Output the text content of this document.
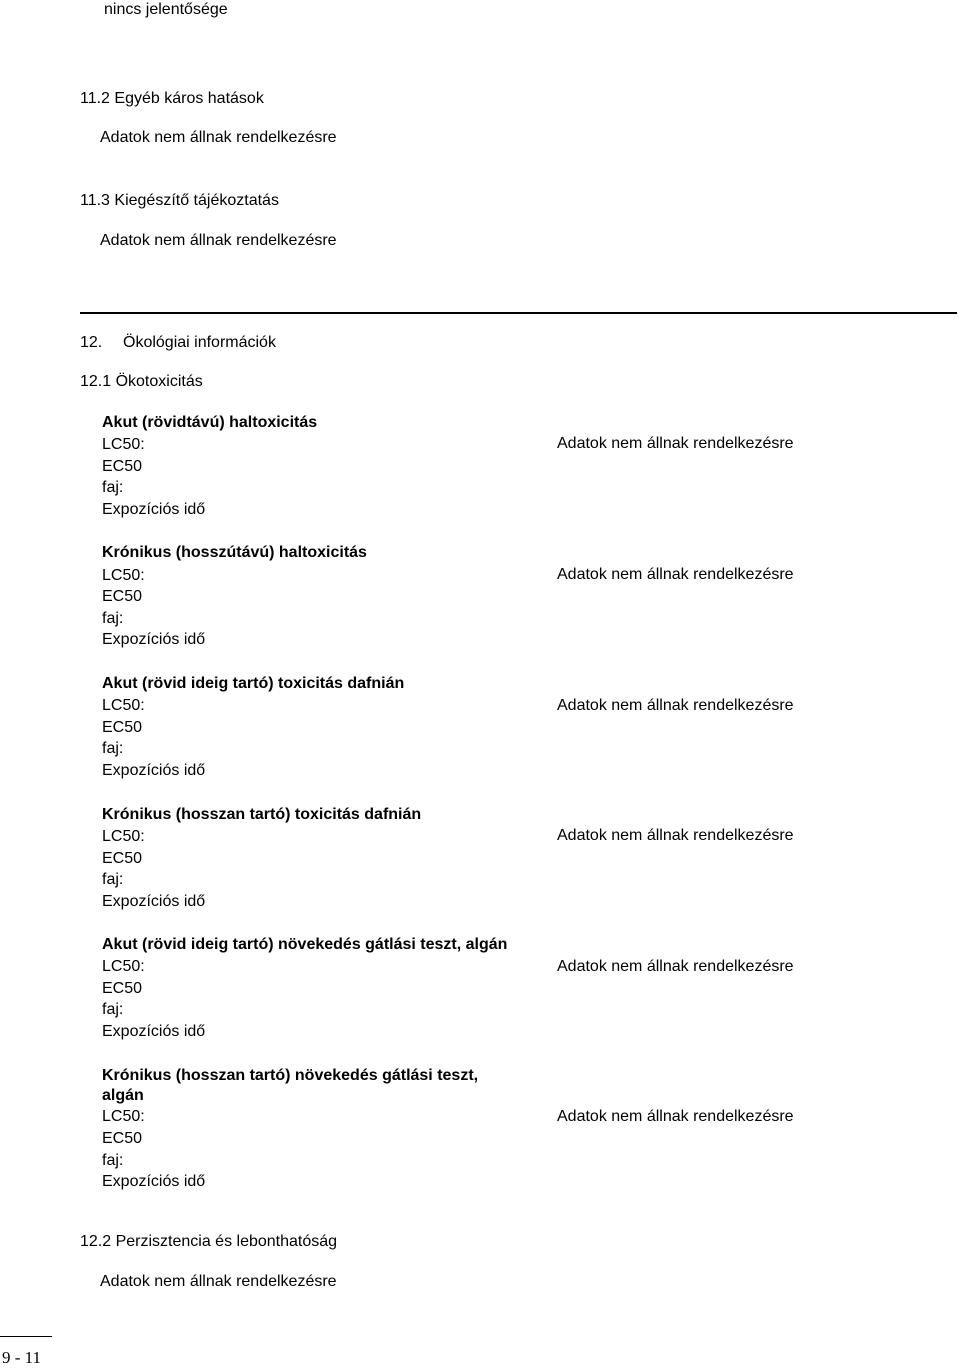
nincs jelentősége
11.2 Egyéb káros hatások
Adatok nem állnak rendelkezésre
11.3 Kiegészítő tájékoztatás
Adatok nem állnak rendelkezésre
12. Ökológiai információk
12.1 Ökotoxicitás
Akut (rövidtávú) haltoxicitás
LC50:
EC50
faj:
Expozíciós idő
Adatok nem állnak rendelkezésre
Krónikus (hosszútávú) haltoxicitás
LC50:
EC50
faj:
Expozíciós idő
Adatok nem állnak rendelkezésre
Akut (rövid ideig tartó) toxicitás dafnián
LC50:
EC50
faj:
Expozíciós idő
Adatok nem állnak rendelkezésre
Krónikus (hosszan tartó) toxicitás dafnián
LC50:
EC50
faj:
Expozíciós idő
Adatok nem állnak rendelkezésre
Akut (rövid ideig tartó) növekedés gátlási teszt, algán
LC50:
EC50
faj:
Expozíciós idő
Adatok nem állnak rendelkezésre
Krónikus (hosszan tartó) növekedés gátlási teszt,
algán
LC50:
EC50
faj:
Expozíciós idő
Adatok nem állnak rendelkezésre
12.2 Perzisztencia és lebonthatóság
Adatok nem állnak rendelkezésre
9 - 11
